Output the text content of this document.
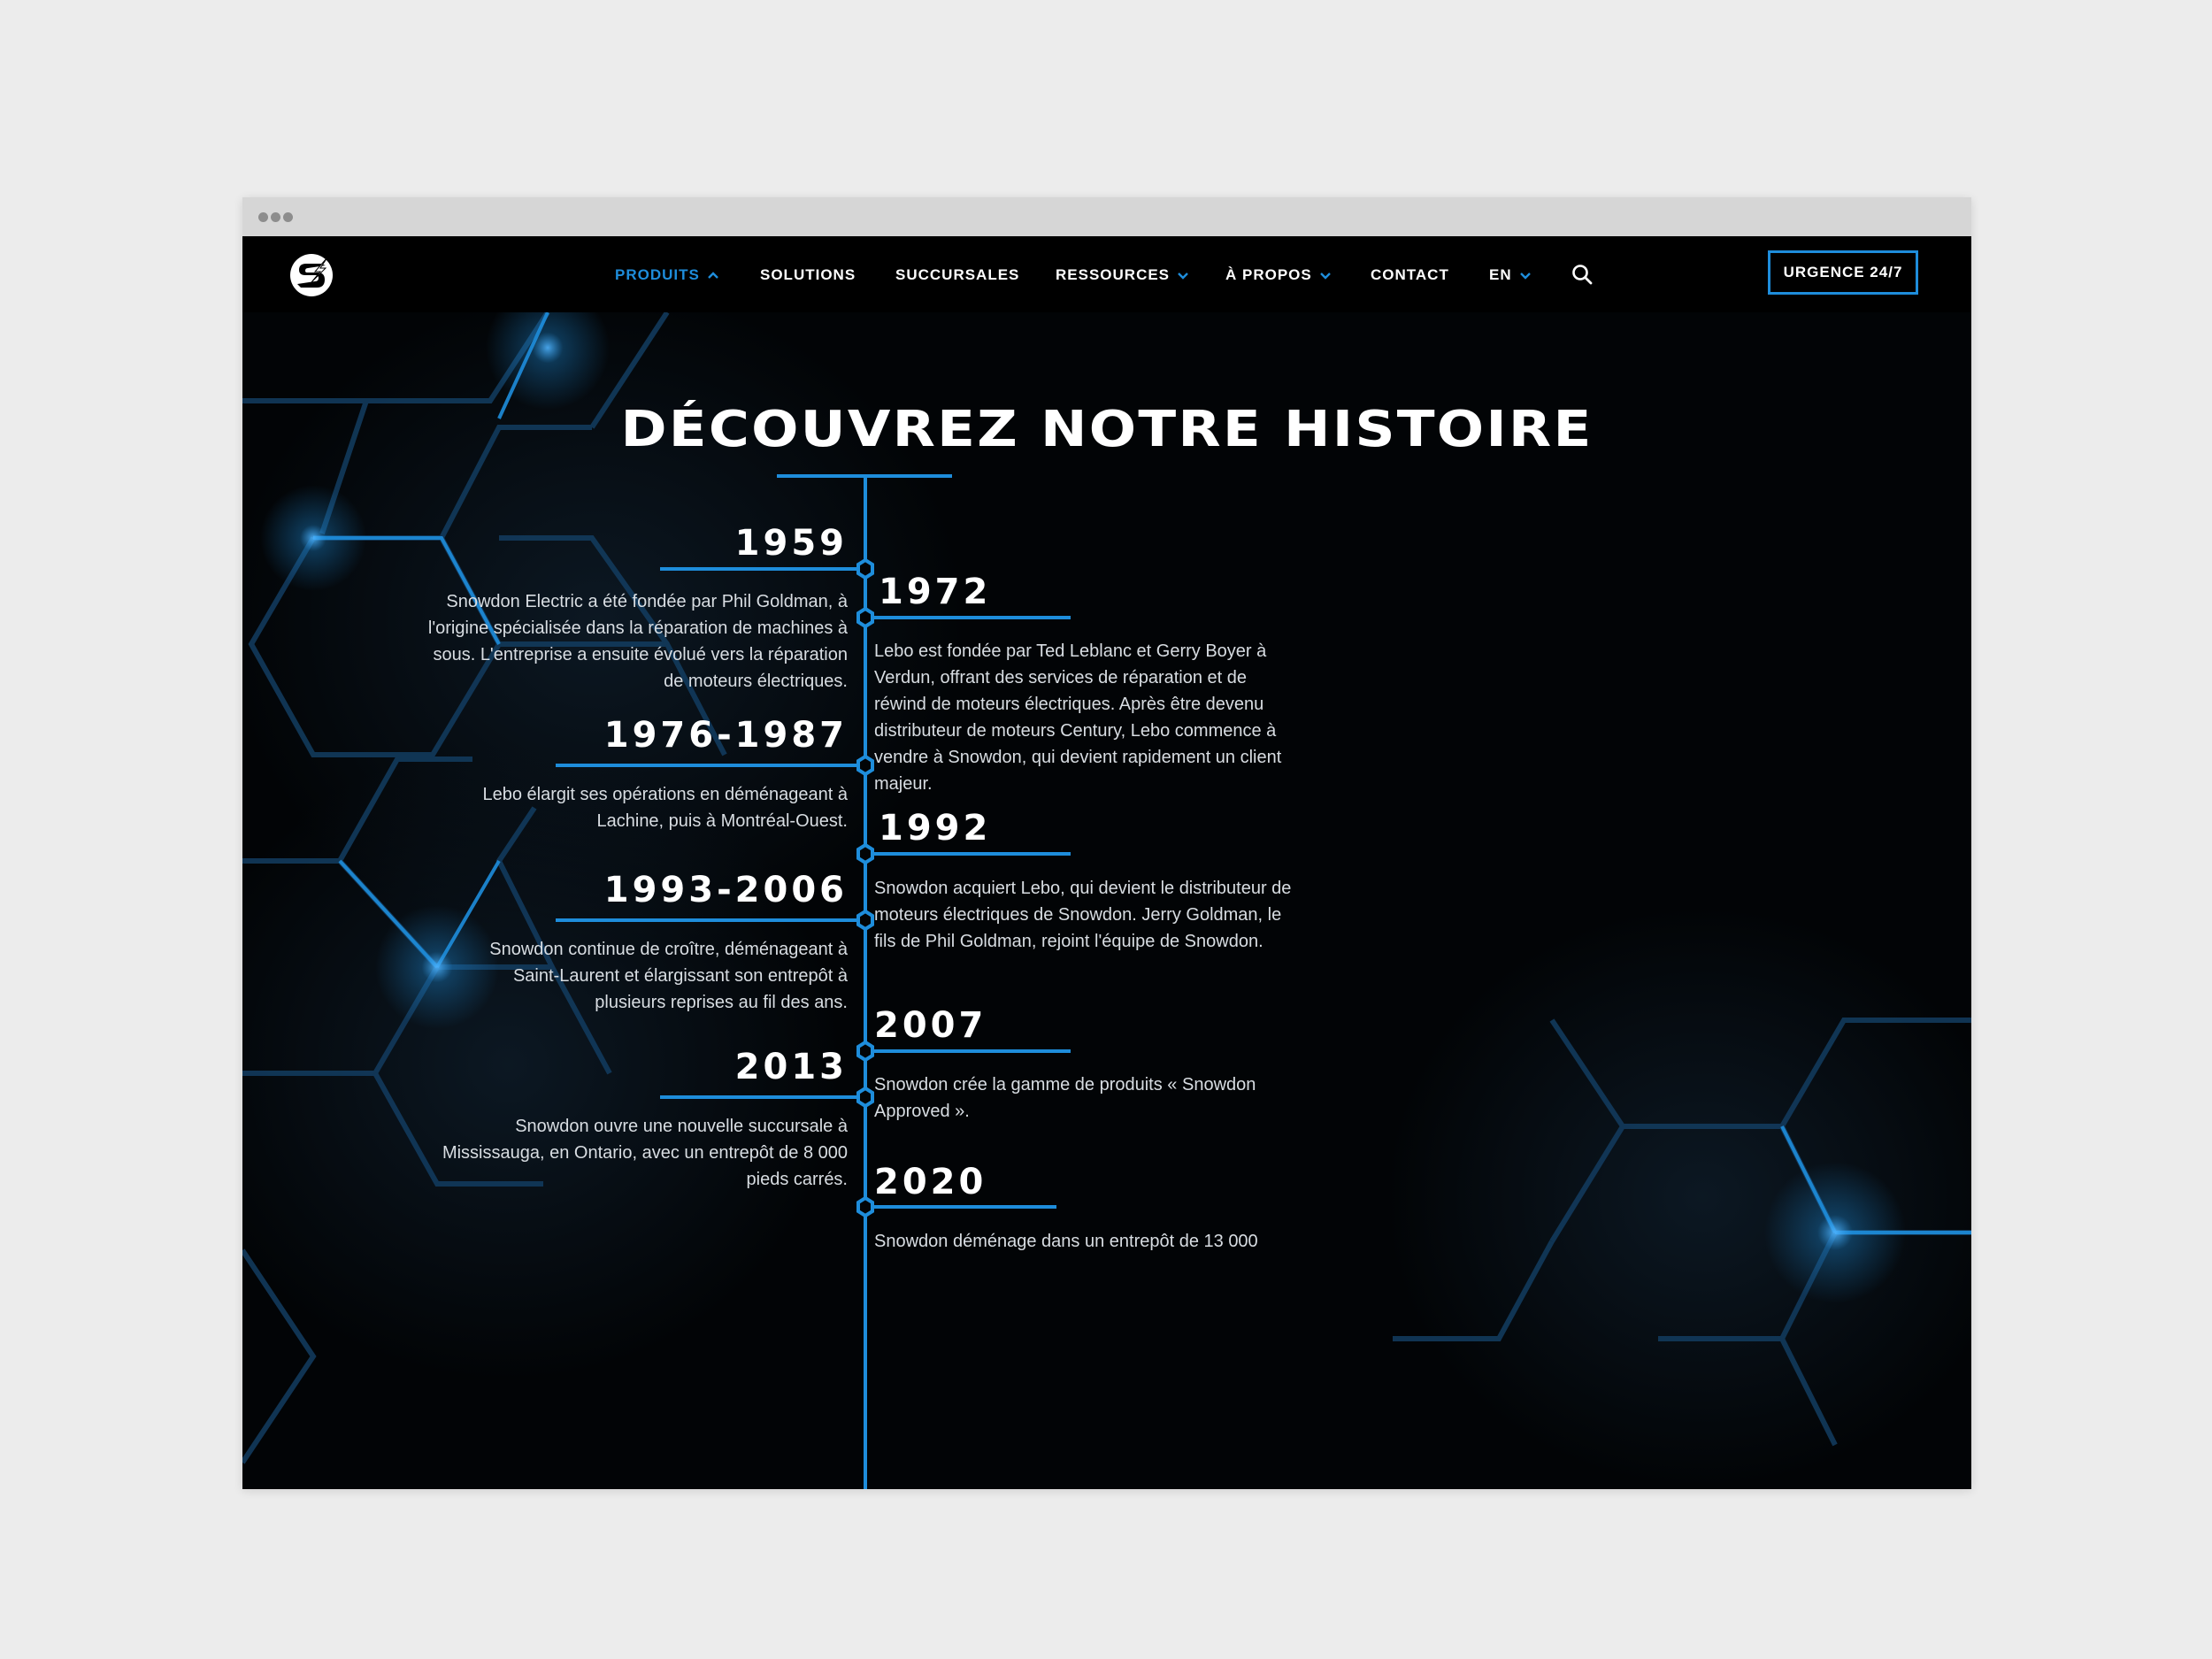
PRODUITS	SOLUTIONS	SUCCURSALES RESSOURCES	À PROPOS	CONTACT	EN	URGENCE 24/7
DÉCOUVREZ NOTRE HISTOIRE
1959
Snowdon Electric a été fondée par Phil Goldman, à l'origine spécialisée dans la réparation de machines à sous. L'entreprise a ensuite évolué vers la réparation de moteurs électriques.
1976-1987
Lebo élargit ses opérations en déménageant à Lachine, puis à Montréal-Ouest.
1993-2006
Snowdon continue de croître, déménageant à Saint-Laurent et élargissant son entrepôt à plusieurs reprises au fil des ans.
2013
Snowdon ouvre une nouvelle succursale à Mississauga, en Ontario, avec un entrepôt de 8 000 pieds carrés.
1972
Lebo est fondée par Ted Leblanc et Gerry Boyer à Verdun, offrant des services de réparation et de réwind de moteurs électriques. Après être devenu distributeur de moteurs Century, Lebo commence à vendre à Snowdon, qui devient rapidement un client majeur.
1992
Snowdon acquiert Lebo, qui devient le distributeur de moteurs électriques de Snowdon. Jerry Goldman, le fils de Phil Goldman, rejoint l'équipe de Snowdon.
2007
Snowdon crée la gamme de produits « Snowdon Approved ».
2020
Snowdon déménage dans un entrepôt de 13 000
